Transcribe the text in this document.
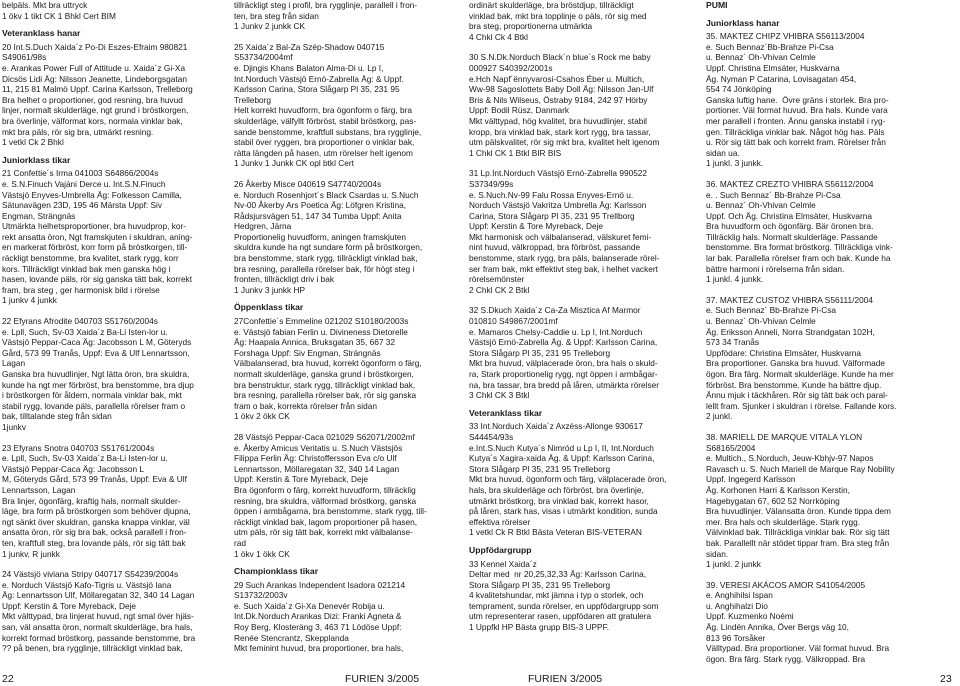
belpäls. Mkt bra uttryck
1 ökv 1 tikt CK 1 Bhkl Cert BIM
Veteranklass hanar
20 Int.S.Duch Xaida´z Po-Di Eszes-Efraim 980821
S49061/98s
e. Arankas Power Full of Attitude u. Xaida´z Gi-Xa
Dicsös Lidi Äg: Nilsson Jeanette, Lindeborgsgatan
11, 215 81 Malmö Uppf. Carina Karlsson, Trelleborg
Bra helhet o proportioner, god resning, bra huvud
linjer, normalt skulderläge, ngt grund i bröstkorgen,
bra överlinje, välformat kors, normala vinklar bak,
mkt bra päls, rör sig bra, utmärkt resning.
1 vetkl Ck 2 Bhkl
Juniorklass tikar
21 Confettie´s Irma 041003 S64866/2004s
e. S.N.Finuch Vajáni Derce u. Int.S.N.Finuch
Västsjö Enyves-Umbrella Äg: Folkesson Camilla,
Sätunavägen 23D, 195 46 Märsta Uppf: Siv
Engman, Strängnäs
Utmärkta helhetsproportioner, bra huvudprop, kor-
rekt ansatta öron, Ngt framskjuten i skuldran, aning-
en markerat förbröst, korr form på bröstkorgen, till-
räckligt benstomme, bra kvalitet, stark rygg, korr
kors. Tillräckligt vinklad bak men ganska hög i
hasen, lovande päls, rör sig ganska tätt bak, korrekt
fram, bra steg , ger harmonisk bild i rörelse
1 junkv 4 junkk
22 Efyrans Afrodite 040703 S51760/2004s
e. Lpll, Such, Sv-03 Xaida´z Ba-Li Isten-lor u.
Västsjö Peppar-Caca Äg: Jacobsson L M, Göteryds
Gård, 573 99 Tranås, Uppf: Eva & Ulf Lennartsson,
Lagan
Ganska bra huvudlinjer, Ngt lätta öron, bra skuldra,
kunde ha ngt mer förbröst, bra benstomme, bra djup
i bröstkorgen för åldern, normala vinklar bak, mkt
stabil rygg, lovande päls, parallella rörelser fram o
bak, tilltalande steg från sidan
1junkv
23 Efyrans Snotra 040703 S51761/2004s
e. Lpll, Such, Sv-03 Xaida´z Ba-Li Isten-lor u.
Västsjö Peppar-Caca Äg: Jacobsson L
M, Göteryds Gård, 573 99 Tranås, Uppf: Eva & Ulf
Lennartsson, Lagan
Bra linjer, ögonfärg, kraftig hals, normalt skulder-
läge, bra form på bröstkorgen som behöver djupna,
ngt sänkt över skuldran, ganska knappa vinklar, väl
ansatta öron, rör sig bra bak, också parallell i fron-
ten, kraftfull steg, bra lovande päls, rör sig tätt bak
1 junkv, R junkk
24 Västsjö viviana Stripy 040717 S54239/2004s
e. Norduch Västsjö Kafo-Tigris u. Västsjö Iana
Äg: Lennartsson Ulf, Möllaregatan 32, 340 14 Lagan
Uppf: Kerstin & Tore Myreback, Deje
Mkt välttypad, bra linjerat huvud, ngt smal över hjäs-
san, väl ansatta öron, normalt skulderläge, bra hals,
korrekt formad bröstkorg, passande benstomme, bra
?? på benen, bra rygglinje, tillräckligt vinklad bak,
tillräckligt steg i profil, bra rygglinje, parallell i fron-
ten, bra steg från sidan
1 Junkv 2 junkk CK
25 Xaida´z Bal-Za Szép-Shadow 040715
S53734/2004mf
e. Djingis Khans Balaton Alma-Di u. Lp I,
Int.Norduch Västsjö Ernö-Zabrella Äg: & Uppf.
Karlsson Carina, Stora Slågarp Pl 35, 231 95
Trelleborg
Helt korrekt huvudform, bra ögonform o färg, bra
skulderläge, välfyllt förbröst, stabil bröstkorg, pas-
sande benstomme, kraftfull substans, bra rygglinje,
stabil över ryggen, bra proportioner o vinklar bak,
rätta längden på hasen, utm rörelser helt igenom
1 Junkv 1 Junkk CK opl btkl Cert
26 Åkerby Misce 040619 S47740/2004s
e. Norduch Rosenhjort´s Black Csardas u. S.Nuch
Nv-00 Åkerby Ars Poetica Äg: Löfgren Kristina,
Rådsjursvägen 51, 147 34 Tumba Uppf: Anita
Hedgren, Järna
Proportionelig huvudform, aningen framskjuten
skuldra kunde ha ngt sundare form på bröstkorgen,
bra benstomme, stark rygg, tillräckligt vinklad bak,
bra resning, parallella rörelser bak, för högt steg i
fronten, tillräckligt driv i bak
1 Junkv 3 junkk HP
Öppenklass tikar
27Confettie´s Emmeline 021202 S10180/2003s
e. Västsjö fabian Ferlin u. Divineness Dietorelle
Äg: Haapala Annica, Bruksgatan 35, 667 32
Forshaga Uppf: Siv Engman, Strängnäs
Välbalanserad, bra huvud, korrekt ögonform o färg,
normalt skulderläge, ganska grund i bröstkorgen,
bra benstruktur, stark rygg, tillräckligt vinklad bak,
bra resning, parallella rörelser bak, rör sig ganska
fram o bak, korrekta rörelser från sidan
1 ökv 2 ökk CK
28 Västsjö Peppar-Caca 021029 S62071/2002mf
e. Åkerby Amicus Veritatis u. S.Nuch Västsjös
Filippa Ferlin Äg: Christoffersson Eva c/o Ulf
Lennartsson, Möllaregatan 32, 340 14 Lagan
Uppf: Kerstin & Tore Myreback, Deje
Bra ögonform o färg, korrekt huvudform, tillräcklig
resning, bra skuldra, välformad bröstkorg, ganska
öppen i armbågarna, bra benstomme, stark rygg, till-
räckligt vinklad bak, lagom proportioner på hasen,
utm päls, rör sig tätt bak, korrekt mkt välbalanse-
rad
1 ökv 1 ökk CK
Championklass tikar
29 Such Arankas Independent Isadora 021214
S13732/2003v
e. Such Xaida´z Gi-Xa Denevér Robija u.
Int.Dk.Norduch Arankas Dizi: Franki Agneta &
Roy Berg, Klosteräng 3, 463 71 Lödöse Uppf:
Renée Stencrantz, Skepplanda
Mkt feminint huvud, bra proportioner, bra hals,
ordinärt skulderläge, bra bröstdjup, tillräckligt
vinklad bak, mkt bra topplinje o päls, rör sig med
bra steg, proportionerna utmärkta
4 Chkl Ck 4 Btkl
30 S.N.Dk.Norduch Black´n blue´s Rock me baby
000927 S40392/2001s
e.Hch Napf´ënnyvarosi-Csahos Éber u. Multich,
Ww-98 Sagoslottets Baby Doll Äg: Nilsson Jan-Ulf
Bris & Nils Wilseus, Östraby 9184, 242 97 Hörby
Uppf: Bodil Rüsz, Danmark
Mkt välttypad, hög kvalitet, bra huvudlinjer, stabil
kropp, bra vinklad bak, stark kort rygg, bra tassar,
utm pälskvalitet, rör sig mkt bra, kvalitet helt igenom
1 Chkl CK 1 Btkl BIR BIS
31 Lp.Int.Norduch Västsjö Ernö-Zabrella 990522
S37349/99s
e. S.Nuch.Nv-99 Falu Rossa Enyves-Ernö u.
Norduch Västsjö Vakritza Umbrella Äg: Karlsson
Carina, Stora Slågarp Pl 35, 231 95 Trellborg
Uppf: Kerstin & Tore Myreback, Deje
Mkt harmonisk och välbalanserad, välskuret femi-
nint huvud, välkroppad, bra förbröst, passande
benstomme, stark rygg, bra päls, balanserade rörel-
ser fram bak, mkt effektivt steg bak, i helhet vackert
rörelsemönster
2 Chkl CK 2 Btkl
32 S.Dkuch Xaida´z Ca-Za Misztica Af Marmor
010810 S49867/2001mf
e. Mamaros Chelsy-Caddie u. Lp I, Int.Norduch
Västsjö Ernö-Zabrella Äg. & Uppf: Karlsson Carina,
Stora Slågarp Pl 35, 231 95 Trelleborg
Mkt bra huvud, välplacerade öron, bra hals o skuld-
ra, Stark proportionelig rygg, ngt öppen i armbågar-
na, bra tassar, bra bredd på låren, utmärkta rörelser
3 Chkl CK 3 Btkl
Veteranklass tikar
33 Int.Norduch Xaida´z Axzéss-Allonge 930617
S44454/93s
e.Int.S.Nuch Kutya´s Nimród u Lp I, II, Int.Norduch
Kutya´s Xagira-xaida Äg. & Uppf: Karlsson Carina,
Stora Slågarp Pl 35, 231 95 Trelleborg
Mkt bra huvud, ögonform och färg, välplacerade öron,
hals, bra skulderläge och förbröst, bra överlinje,
utmärkt bröstkorg, bra vinklad bak, korrekt hasor,
på låren, stark has, visas i utmärkt kondition, sunda
effektiva rörelser
1 vetkl Ck R Btkl Bästa Veteran BIS-VETERAN
Uppfödargrupp
33 Kennel Xaida´z
Deltar med  nr 20,25,32,33 Äg: Karlsson Carina,
Stora Slågarp Pl 35, 231 95 Trelleborg
4 kvalitetshundar, mkt jämna i typ o storlek, och
temprament, sunda rörelser, en uppfödargrupp som
utm representerar rasen, uppfödaren att gratulera
1 Uppfkl HP Bästa grupp BIS-3 UPPF.
PUMI
Juniorklass hanar
35. MAKTEZ CHIPZ VHIBRA S56113/2004
e. Such Bennaz´Bb-Brahze Pi-Csa
u. Bennaz´ Oh-Vhivan Celmle
Uppf. Christina Elmsäter, Huskvarna
Äg. Nyman P Catarina, Lovisagatan 454,
554 74 Jönköping
Ganska luftig hane.  Övre gräns i storlek. Bra pro-
portioner. Väl format huvud. Bra hals. Kunde vara
mer parallell i fronten. Ännu ganska instabil i ryg-
gen. Tillräckliga vinklar bak. Något hög has. Päls
u. Rör sig tätt bak och korrekt fram. Rörelser från
sidan ua.
1 junkl. 3 junkk.
36. MAKTEZ CREZTO VHIBRA S56112/2004
e. . Such Bennaz´ Bb-Brahze Pi-Csa
u. Bennaz´ Oh-Vhivan Celmle
Uppf. Och Äg. Christina Elmsäter, Huskvarna
Bra huvudform och ögonfärg. Bär öronen bra.
Tillräcklig hals. Normalt skulderläge. Passande
benstomme. Bra format bröstkorg. Tillräckliga vink-
lar bak. Parallella rörelser fram och bak. Kunde ha
bättre harmoni i rörelserna från sidan.
1 junkl. 4 junkk.
37. MAKTEZ CUSTOZ VHIBRA S56111/2004
e. Such Bennaz´ Bb-Brahze Pi-Csa
u. Bennaz´ Oh-Vhivan Celmle
Äg. Eriksson Anneli, Norra Strandgatan 102H,
573 34 Tranås
Uppfödare: Christina Elmsäter, Huskvarna
Bra proportioner. Ganska bra huvud. Välformade
ögon. Bra färg. Normalt skulderläge. Kunde ha mer
förbröst. Bra benstomme. Kunde ha bättre djup.
Ännu mjuk i täckhåren. Rör sig tätt bak och paral-
lellt fram. Sjunker i skuldran i rörelse. Fallande kors.
2 junkl.
38. MARIELL DE MARQUE VITALA YLON
S68165/2004
e. Multich., S.Norduch, Jeuw-Kbhjv-97 Napos
Ravasch u. S. Nuch Mariell de Marque Ray Nobility
Uppf. Ingegerd Karlsson
Äg. Korhonen Harri & Karlsson Kerstin,
Hagebygatan 67, 602 52 Norrköping
Bra huvudlinjer. Välansatta öron. Kunde tippa dem
mer. Bra hals och skulderläge. Stark rygg.
Välvinklad bak. Tillräckliga vinklar bak. Rör sig tätt
bak. Parallellt när stödet tippar fram. Bra steg från
sidan.
1 junkl. 2 junkk
39. VERESI AKÁCOS AMOR S41054/2005
e. Anghihilsi Ispan
u. Anghihalzi Dio
Uppf. Kuzmenko Noémi
Äg. Lindén Annika, Över Bergs väg 10,
813 96 Torsåker
Välltypad. Bra proportioner. Väl format huvud. Bra
ögon. Bra färg. Stark rygg. Välkroppad. Bra
22	FURIEN 3/2005	FURIEN 3/2005	23
